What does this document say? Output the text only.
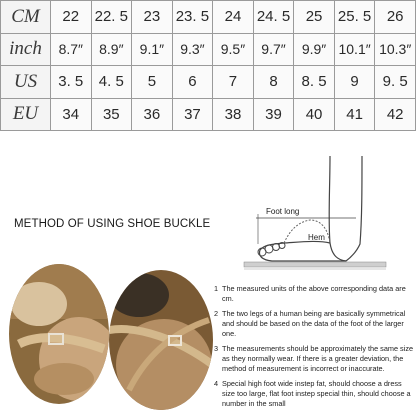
CM	22	22. 5	23	23. 5	24	24. 5	25	25. 5	26
inch	8.7″	8.9″	9.1″	9.3″	9.5″	9.7″	9.9″	10.1″	10.3″
US	3. 5	4. 5	5	6	7	8	8. 5	9	9. 5
EU	34	35	36	37	38	39	40	41	42
METHOD OF USING SHOE BUCKLE
Foot long
Hem
1 The measured units of the above corresponding data are cm.
2 The two legs of a human being are basically symmetrical and should be based on the data of the foot of the larger one.
3 The measurements should be approximately the same size as they normally wear. If there is a greater deviation, the method of measurement is incorrect or inaccurate.
4 Special high foot wide instep fat, should choose a dress size too large, flat foot instep special thin, should choose a number in the small
